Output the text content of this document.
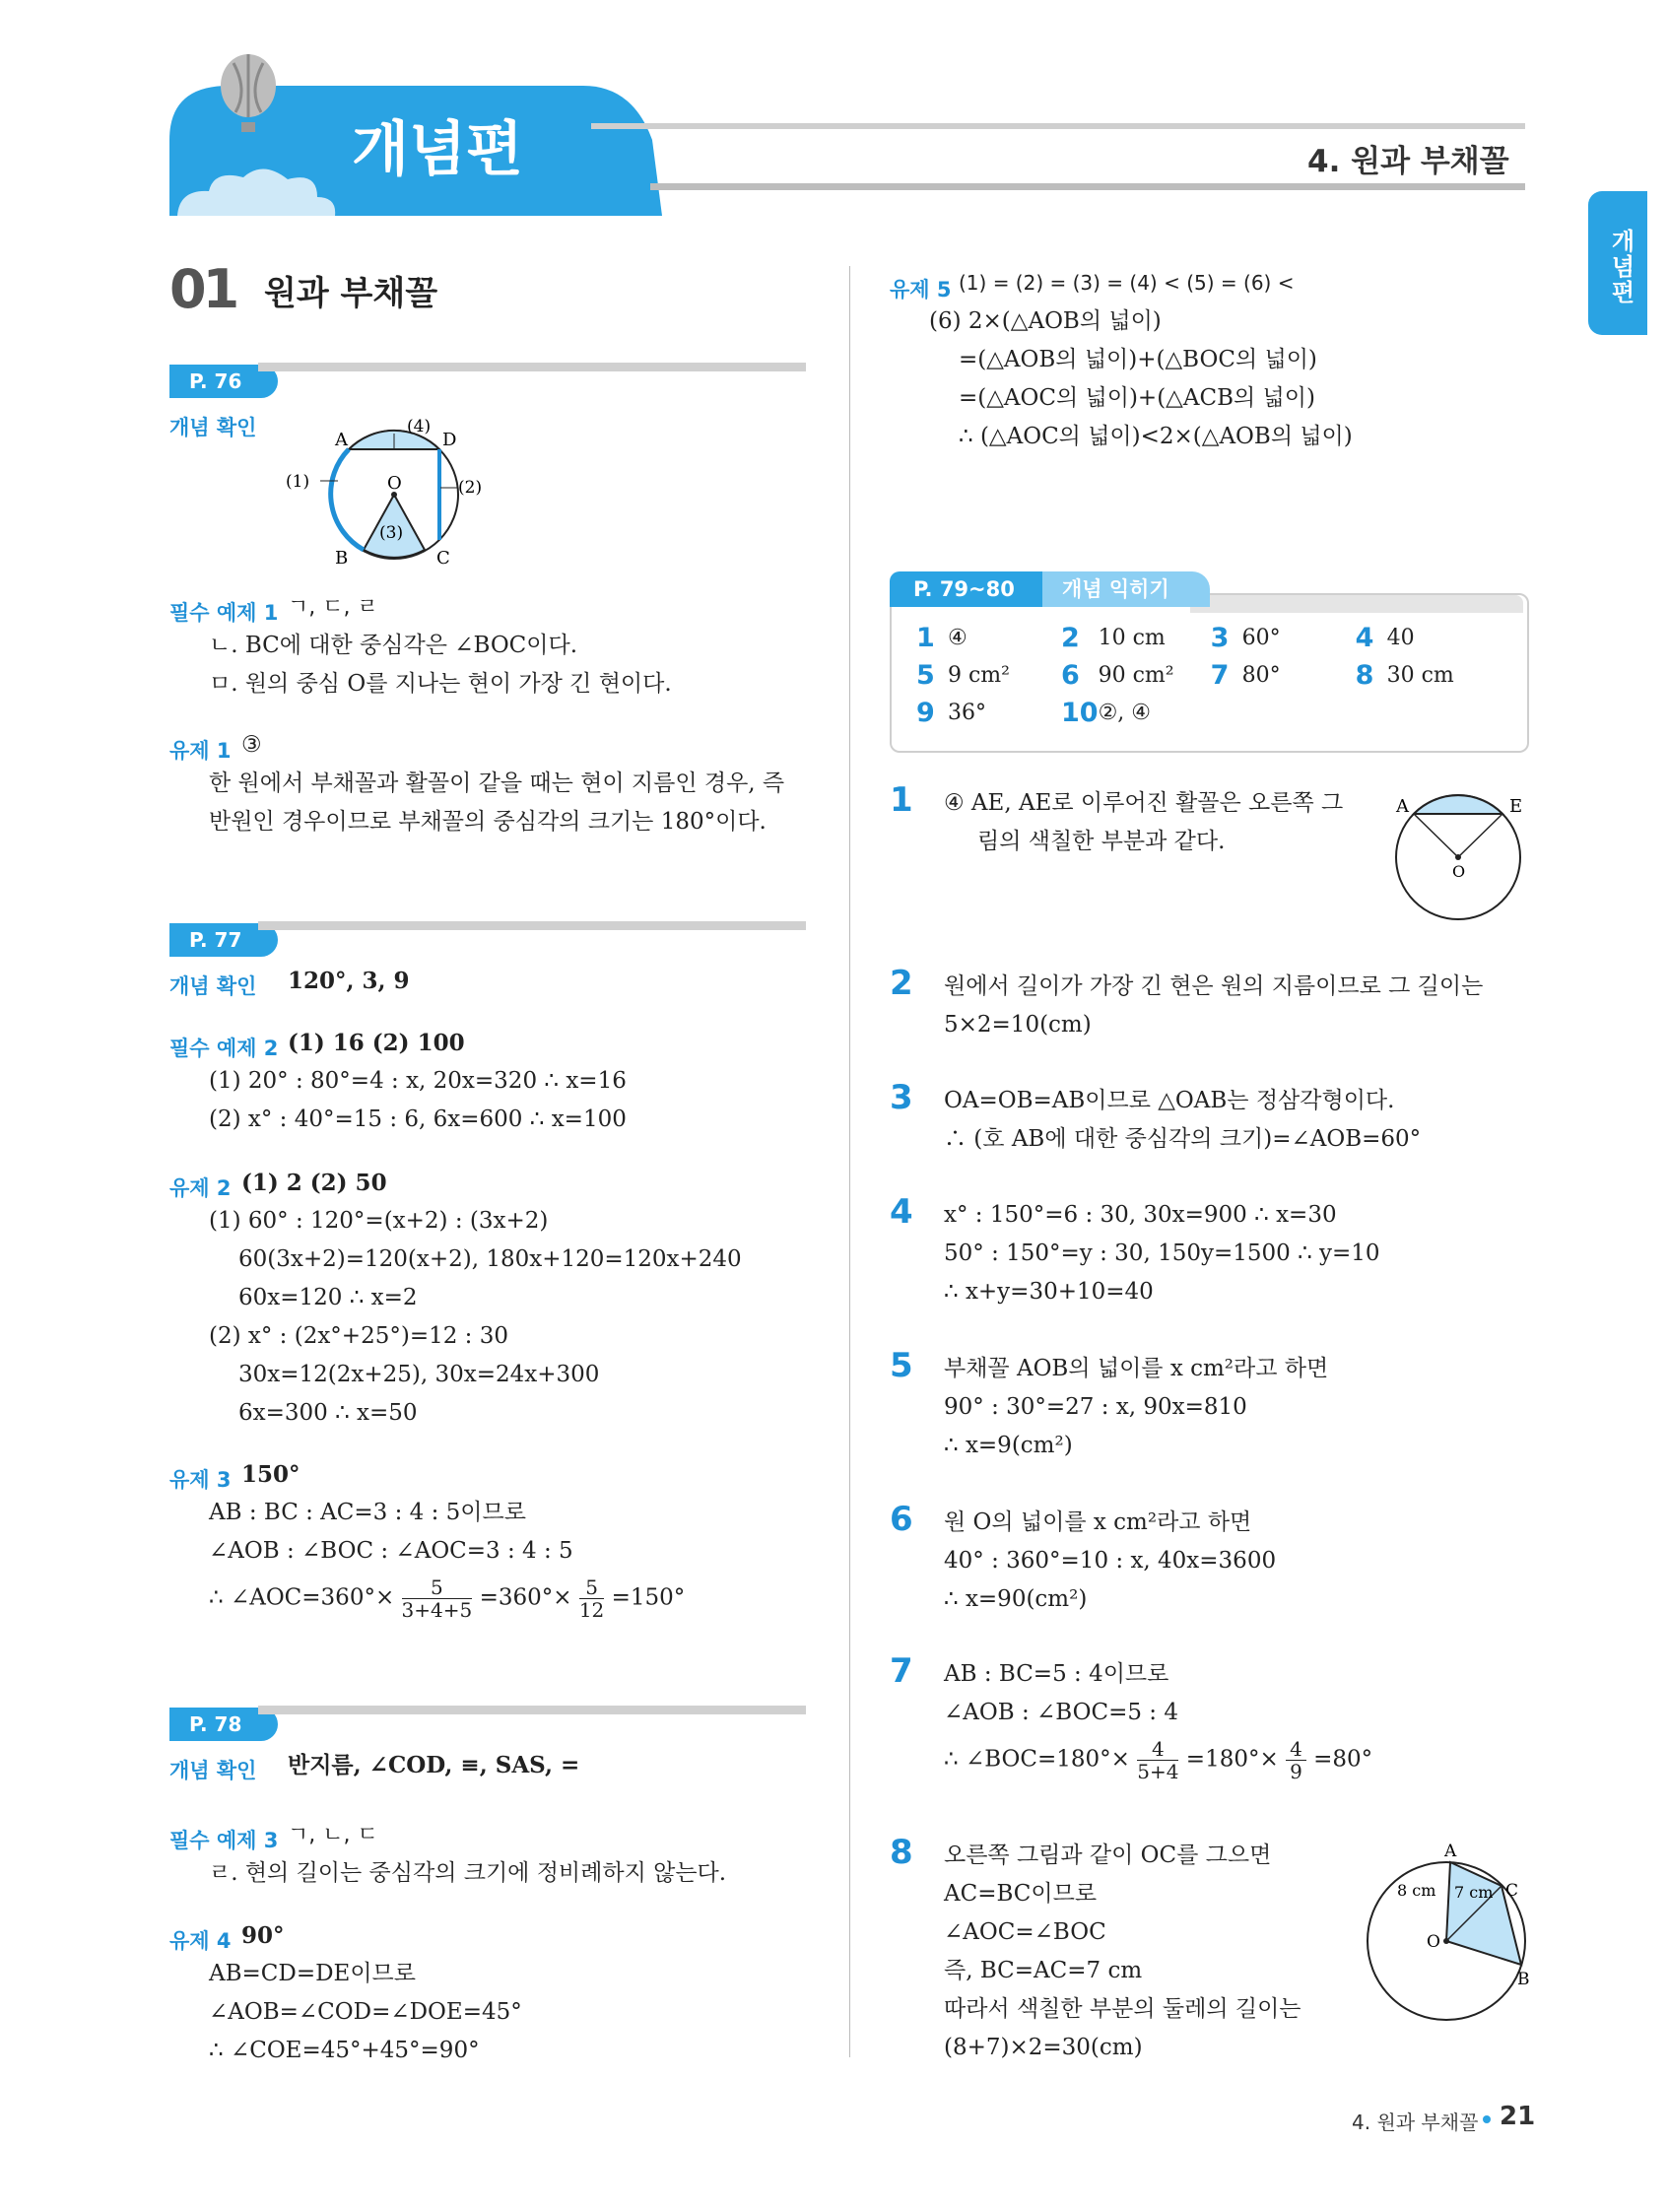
개념편	4. 원과 부채꼴
개념편
01 원과 부채꼴
P. 76
개념 확인
A	D
B	C
O
(1)	(2)
(3)
(4)
필수 예제 1 ㄱ, ㄷ, ㄹ
ㄴ. BC에 대한 중심각은 ∠BOC이다.
ㅁ. 원의 중심 O를 지나는 현이 가장 긴 현이다.
유제 1 ③
한 원에서 부채꼴과 활꼴이 같을 때는 현이 지름인 경우, 즉
반원인 경우이므로 부채꼴의 중심각의 크기는 180°이다.
P. 77
개념 확인 120°, 3, 9
필수 예제 2 (1) 16 (2) 100
(1) 20° : 80°=4 : x, 20x=320 ∴ x=16
(2) x° : 40°=15 : 6, 6x=600 ∴ x=100
유제 2 (1) 2 (2) 50
(1) 60° : 120°=(x+2) : (3x+2)
60(3x+2)=120(x+2), 180x+120=120x+240
60x=120 ∴ x=2
(2) x° : (2x°+25°)=12 : 30
30x=12(2x+25), 30x=24x+300
6x=300 ∴ x=50
유제 3 150°
AB : BC : AC=3 : 4 : 5이므로
∠AOB : ∠BOC : ∠AOC=3 : 4 : 5
∴ ∠AOC=360°× $\frac{5}{3+4+5} =360^\circ\times \frac{5}{12} =150^\circ$
P. 78
개념 확인 반지름, ∠COD, ≡, SAS, =
필수 예제 3 ㄱ, ㄴ, ㄷ
ㄹ. 현의 길이는 중심각의 크기에 정비례하지 않는다.
유제 4 90°
AB=CD=DE이므로
∠AOB=∠COD=∠DOE=45°
∴ ∠COE=45°+45°=90°
유제 5 (1) = (2) = (3) = (4) < (5) = (6) <
(6) 2×(△AOB의 넓이)
=(△AOB의 넓이)+(△BOC의 넓이)
=(△AOC의 넓이)+(△ACB의 넓이)
∴ (△AOC의 넓이)<2×(△AOB의 넓이)
P. 79~80	개념 익히기
1	④	2	10 cm	3	60°	4	40
5	9 cm²	6	90 cm²	7	80°	8	30 cm
9	36°	10	②, ④				
1 ④ AE, AE로 이루어진 활꼴은 오른쪽 그
림의 색칠한 부분과 같다.
A	E
O
2 원에서 길이가 가장 긴 현은 원의 지름이므로 그 길이는
5×2=10(cm)
3 OA=OB=AB이므로 △OAB는 정삼각형이다.
∴ (호 AB에 대한 중심각의 크기)=∠AOB=60°
4 x° : 150°=6 : 30, 30x=900 ∴ x=30
50° : 150°=y : 30, 150y=1500 ∴ y=10
∴ x+y=30+10=40
5 부채꼴 AOB의 넓이를 x cm²라고 하면
90° : 30°=27 : x, 90x=810
∴ x=9(cm²)
6 원 O의 넓이를 x cm²라고 하면
40° : 360°=10 : x, 40x=3600
∴ x=90(cm²)
7 AB : BC=5 : 4이므로
∠AOB : ∠BOC=5 : 4
∴ ∠BOC=180°× $\frac{4}{5+4} =180^\circ\times \frac{4}{9} =80^\circ$
8 오른쪽 그림과 같이 OC를 그으면
AC=BC이므로
∠AOC=∠BOC
즉, BC=AC=7 cm
따라서 색칠한 부분의 둘레의 길이는
(8+7)×2=30(cm)
A
C
B
O
8 cm 7 cm
4. 원과 부채꼴 21
